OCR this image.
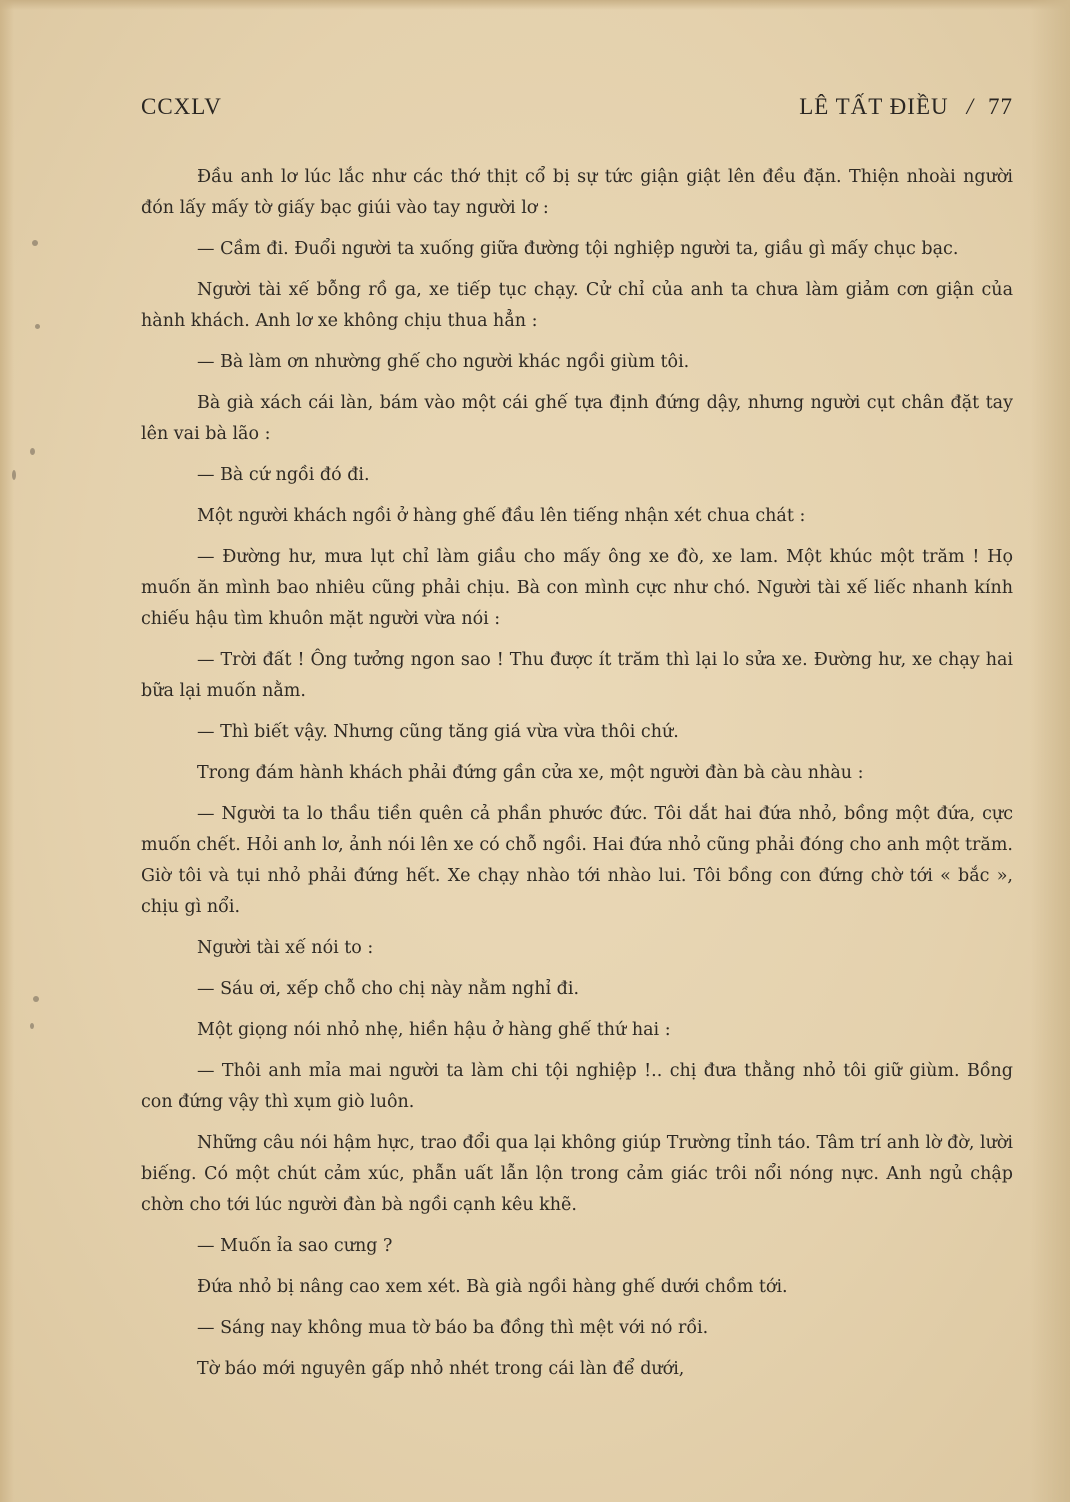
CCXLV	LÊ TẤT ĐIỀU / 77

Đầu anh lơ lúc lắc như các thớ thịt cổ bị sự tức giận giật lên đều đặn. Thiện nhoài người đón lấy mấy tờ giấy bạc giúi vào tay người lơ :

— Cầm đi. Đuổi người ta xuống giữa đường tội nghiệp người ta, giầu gì mấy chục bạc.

Người tài xế bỗng rồ ga, xe tiếp tục chạy. Cử chỉ của anh ta chưa làm giảm cơn giận của hành khách. Anh lơ xe không chịu thua hẳn :

— Bà làm ơn nhường ghế cho người khác ngồi giùm tôi.

Bà già xách cái làn, bám vào một cái ghế tựa định đứng dậy, nhưng người cụt chân đặt tay lên vai bà lão :

— Bà cứ ngồi đó đi.

Một người khách ngồi ở hàng ghế đầu lên tiếng nhận xét chua chát :

— Đường hư, mưa lụt chỉ làm giầu cho mấy ông xe đò, xe lam. Một khúc một trăm ! Họ muốn ăn mình bao nhiêu cũng phải chịu. Bà con mình cực như chó. Người tài xế liếc nhanh kính chiếu hậu tìm khuôn mặt người vừa nói :

— Trời đất ! Ông tưởng ngon sao ! Thu được ít trăm thì lại lo sửa xe. Đường hư, xe chạy hai bữa lại muốn nằm.

— Thì biết vậy. Nhưng cũng tăng giá vừa vừa thôi chứ.

Trong đám hành khách phải đứng gần cửa xe, một người đàn bà càu nhàu :

— Người ta lo thầu tiền quên cả phần phước đức. Tôi dắt hai đứa nhỏ, bồng một đứa, cực muốn chết. Hỏi anh lơ, ảnh nói lên xe có chỗ ngồi. Hai đứa nhỏ cũng phải đóng cho anh một trăm. Giờ tôi và tụi nhỏ phải đứng hết. Xe chạy nhào tới nhào lui. Tôi bồng con đứng chờ tới « bắc », chịu gì nổi.

Người tài xế nói to :

— Sáu ơi, xếp chỗ cho chị này nằm nghỉ đi.

Một giọng nói nhỏ nhẹ, hiền hậu ở hàng ghế thứ hai :

— Thôi anh mỉa mai người ta làm chi tội nghiệp !.. chị đưa thằng nhỏ tôi giữ giùm. Bồng con đứng vậy thì xụm giò luôn.

Những câu nói hậm hực, trao đổi qua lại không giúp Trường tỉnh táo. Tâm trí anh lờ đờ, lười biếng. Có một chút cảm xúc, phẫn uất lẫn lộn trong cảm giác trôi nổi nóng nực. Anh ngủ chập chờn cho tới lúc người đàn bà ngồi cạnh kêu khẽ.

— Muốn ỉa sao cưng ?

Đứa nhỏ bị nâng cao xem xét. Bà già ngồi hàng ghế dưới chồm tới.

— Sáng nay không mua tờ báo ba đồng thì mệt với nó rồi.

Tờ báo mới nguyên gấp nhỏ nhét trong cái làn để dưới,
